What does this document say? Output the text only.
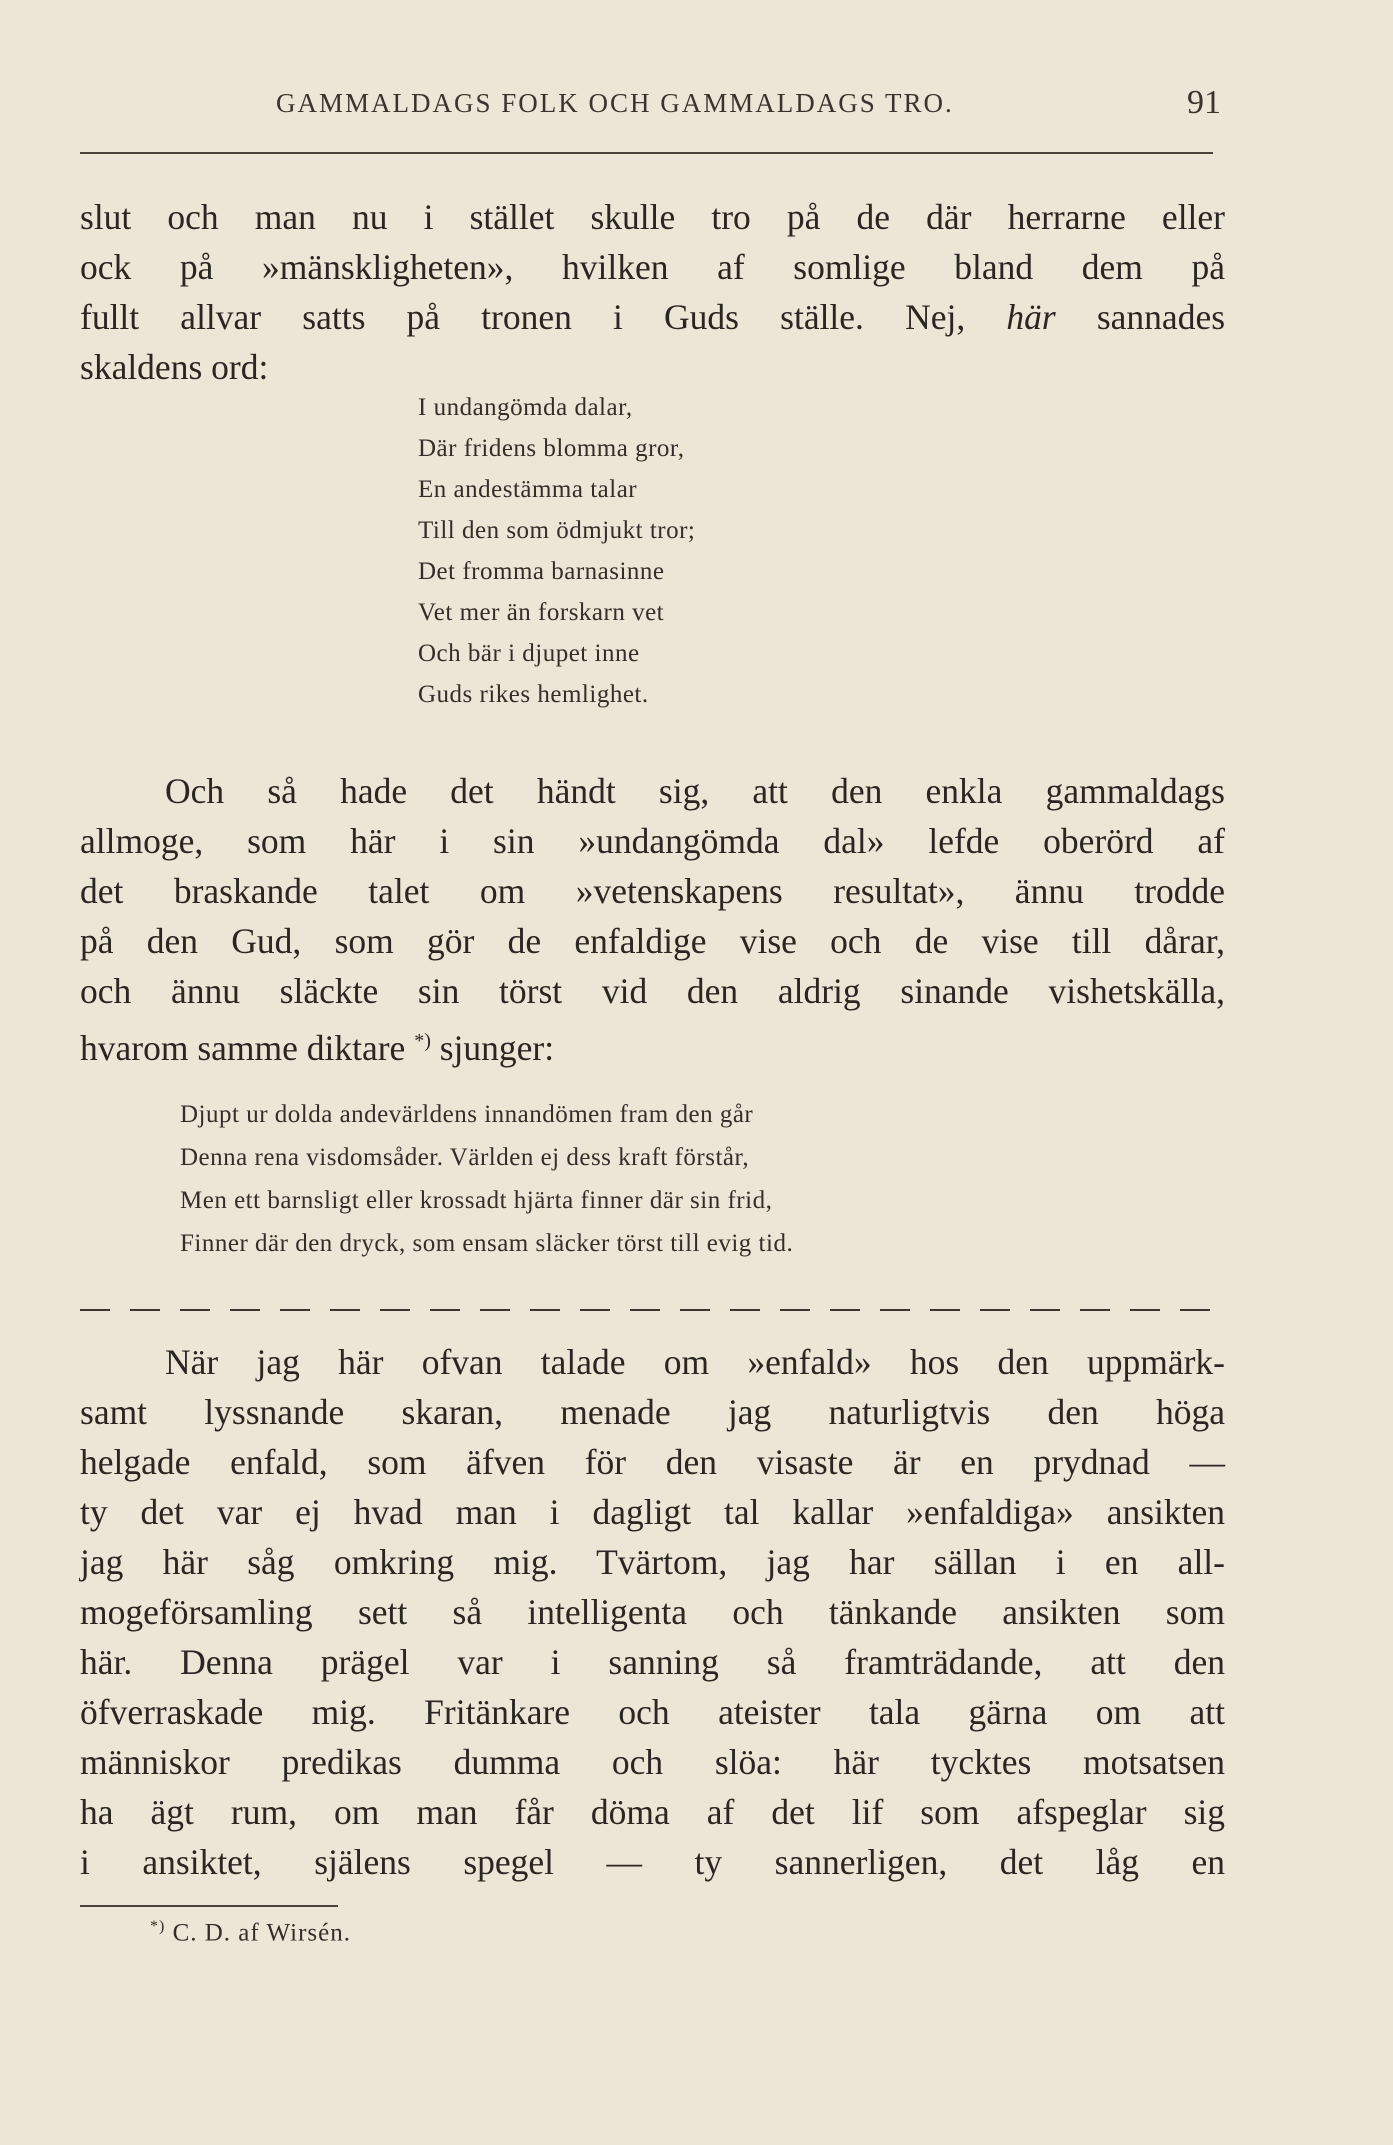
GAMMALDAGS FOLK OCH GAMMALDAGS TRO.	91
slut och man nu i stället skulle tro på de där herrarne eller
ock på »mänskligheten», hvilken af somlige bland dem på
fullt allvar satts på tronen i Guds ställe. Nej, här sannades
skaldens ord:
I undangömda dalar,
Där fridens blomma gror,
En andestämma talar
Till den som ödmjukt tror;
Det fromma barnasinne
Vet mer än forskarn vet
Och bär i djupet inne
Guds rikes hemlighet.
Och så hade det händt sig, att den enkla gammaldags
allmoge, som här i sin »undangömda dal» lefde oberörd af
det braskande talet om »vetenskapens resultat», ännu trodde
på den Gud, som gör de enfaldige vise och de vise till dårar,
och ännu släckte sin törst vid den aldrig sinande vishetskälla,
hvarom samme diktare *) sjunger:
Djupt ur dolda andevärldens innandömen fram den går
Denna rena visdomsåder. Världen ej dess kraft förstår,
Men ett barnsligt eller krossadt hjärta finner där sin frid,
Finner där den dryck, som ensam släcker törst till evig tid.
När jag här ofvan talade om »enfald» hos den uppmärk-
samt lyssnande skaran, menade jag naturligtvis den höga
helgade enfald, som äfven för den visaste är en prydnad —
ty det var ej hvad man i dagligt tal kallar »enfaldiga» ansikten
jag här såg omkring mig. Tvärtom, jag har sällan i en all-
mogeförsamling sett så intelligenta och tänkande ansikten som
här. Denna prägel var i sanning så framträdande, att den
öfverraskade mig. Fritänkare och ateister tala gärna om att
människor predikas dumma och slöa: här tycktes motsatsen
ha ägt rum, om man får döma af det lif som afspeglar sig
i ansiktet, själens spegel — ty sannerligen, det låg en
*) C. D. af Wirsén.
